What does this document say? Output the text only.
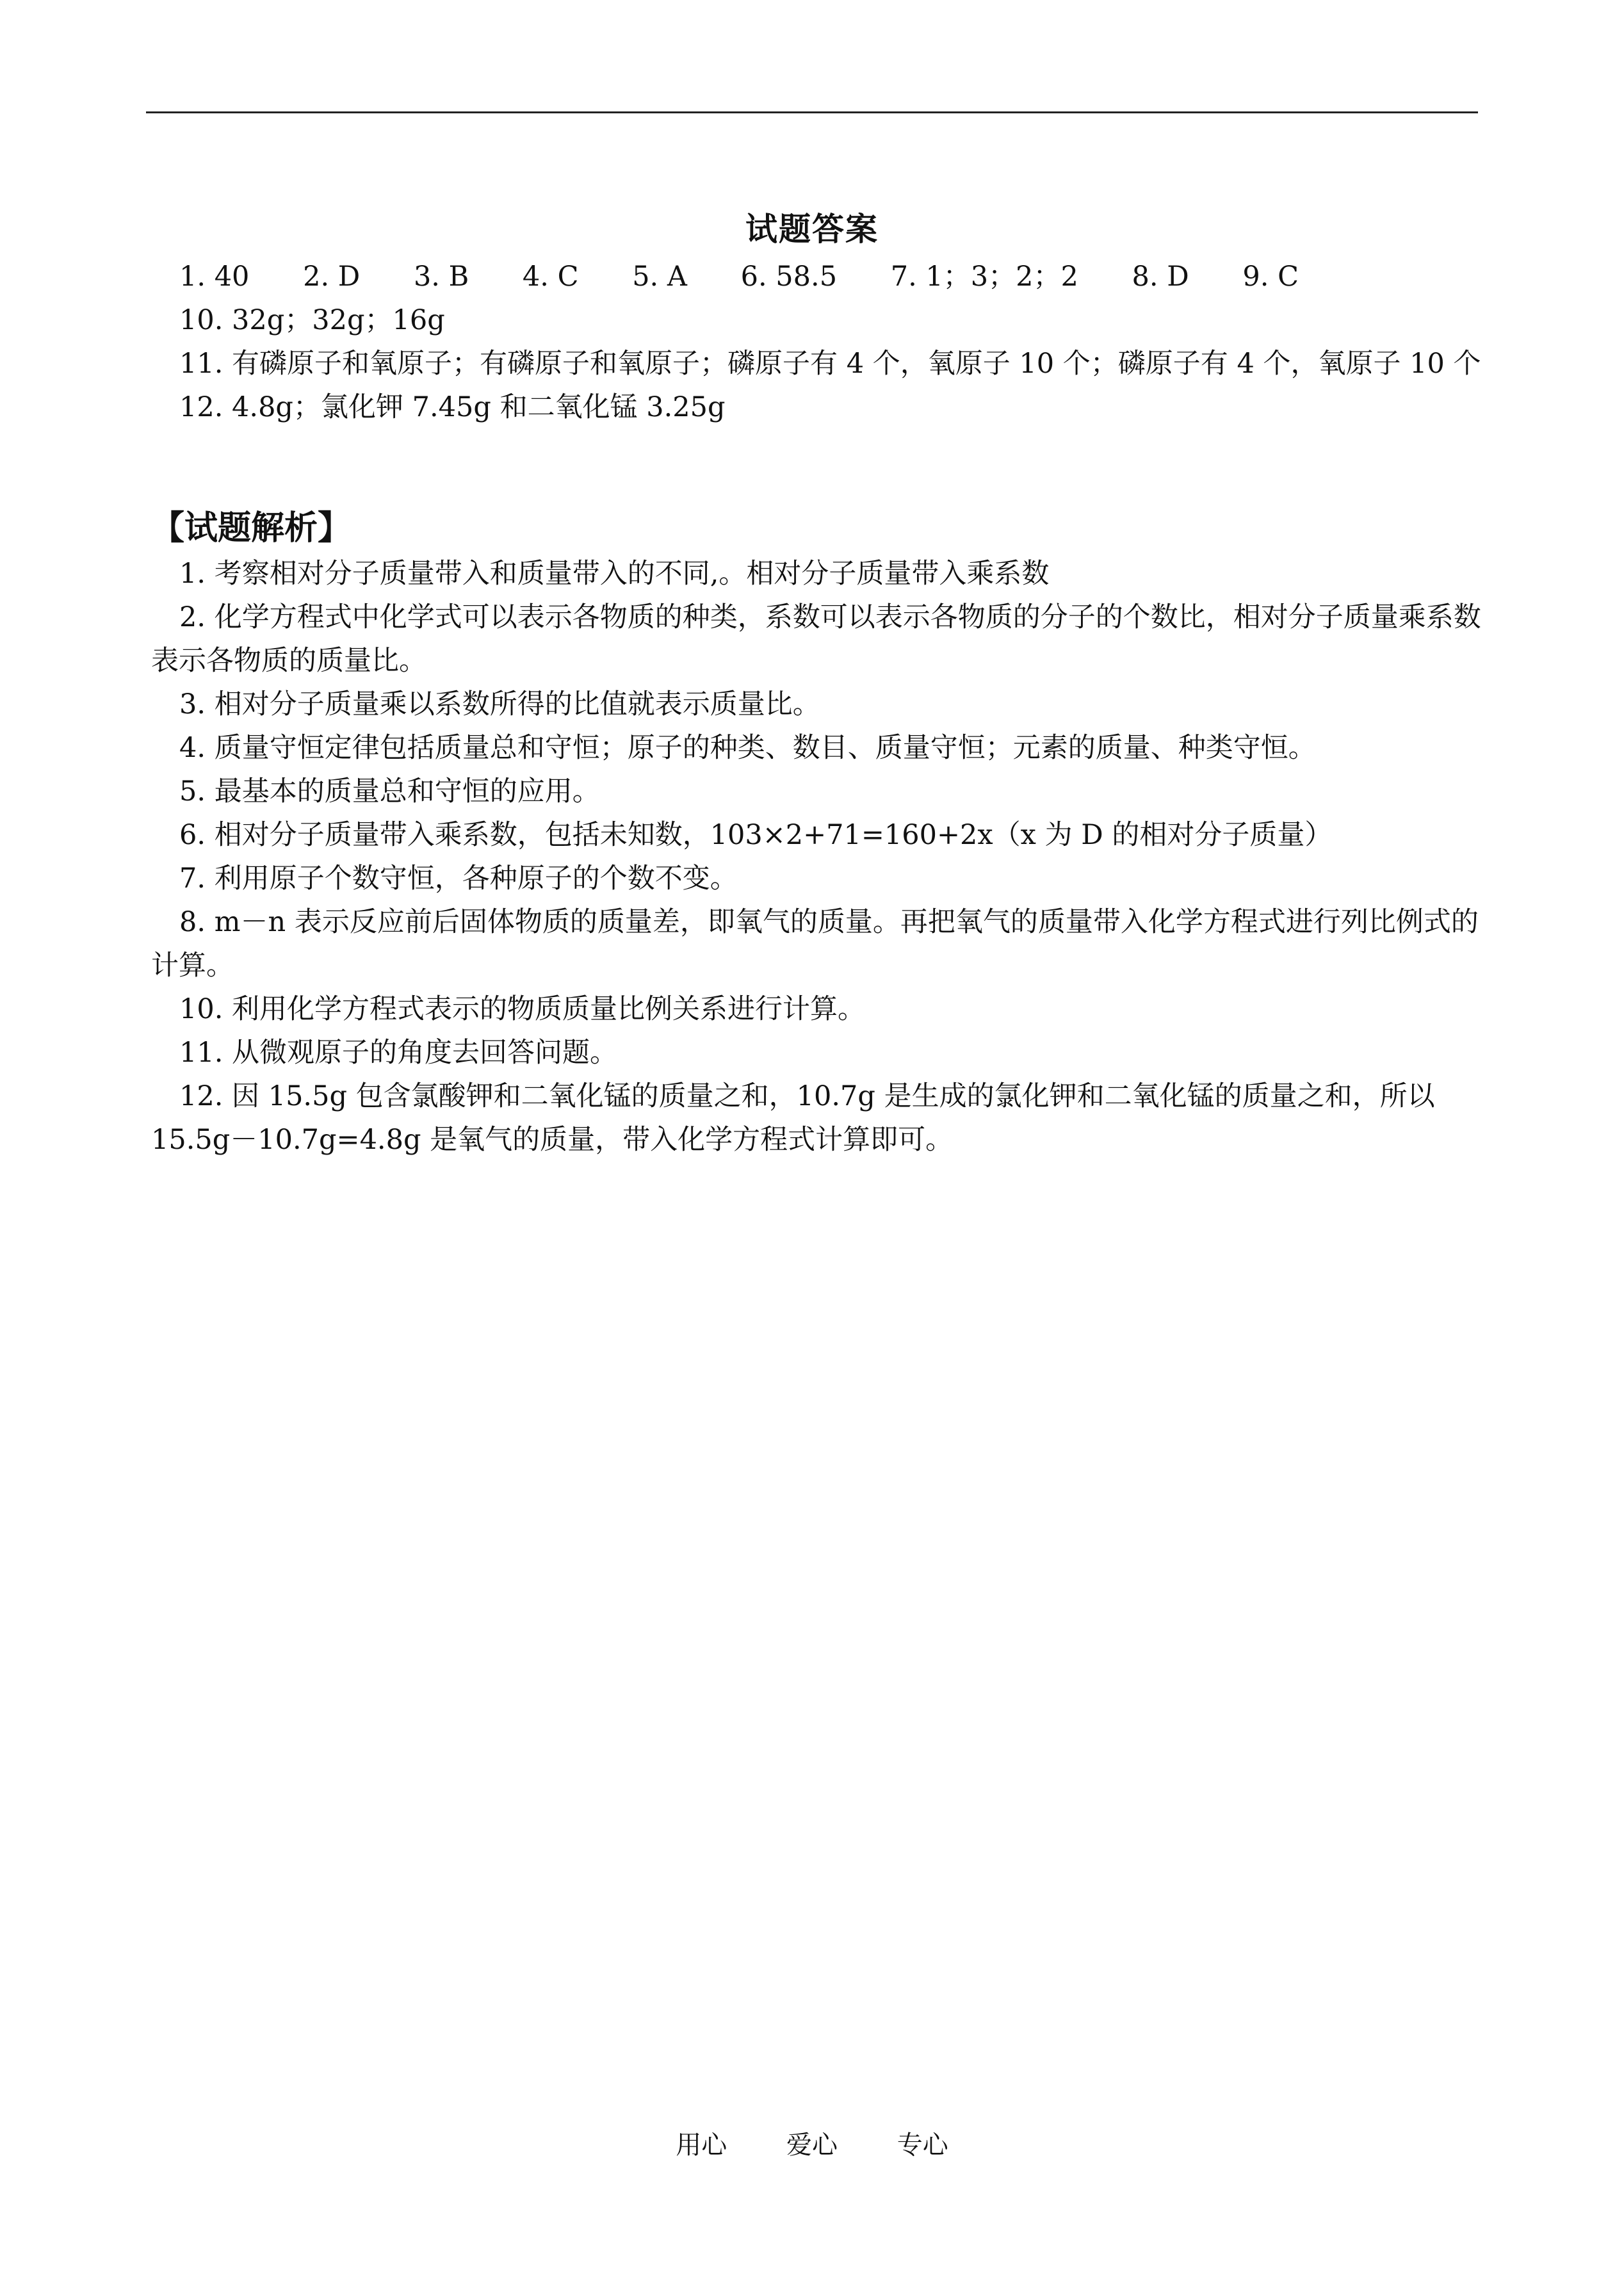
试题答案
1. 40 2. D 3. B 4. C 5. A 6. 58.5 7. 1；3；2；2 8. D 9. C

10. 32g；32g；16g

11. 有磷原子和氧原子；有磷原子和氧原子；磷原子有 4 个，氧原子 10 个；磷原子有 4 个，氧原子 10 个

12. 4.8g；氯化钾 7.45g 和二氧化锰 3.25g

【试题解析】

1. 考察相对分子质量带入和质量带入的不同,。相对分子质量带入乘系数

2. 化学方程式中化学式可以表示各物质的种类，系数可以表示各物质的分子的个数比，相对分子质量乘系数表示各物质的质量比。

3. 相对分子质量乘以系数所得的比值就表示质量比。

4. 质量守恒定律包括质量总和守恒；原子的种类、数目、质量守恒；元素的质量、种类守恒。

5. 最基本的质量总和守恒的应用。

6. 相对分子质量带入乘系数，包括未知数，103×2+71=160+2x（x 为 D 的相对分子质量）

7. 利用原子个数守恒，各种原子的个数不变。

8. m－n 表示反应前后固体物质的质量差，即氧气的质量。再把氧气的质量带入化学方程式进行列比例式的计算。

10. 利用化学方程式表示的物质质量比例关系进行计算。

11. 从微观原子的角度去回答问题。

12. 因 15.5g 包含氯酸钾和二氧化锰的质量之和，10.7g 是生成的氯化钾和二氧化锰的质量之和，所以 15.5g－10.7g=4.8g 是氧气的质量，带入化学方程式计算即可。

用心 爱心 专心
